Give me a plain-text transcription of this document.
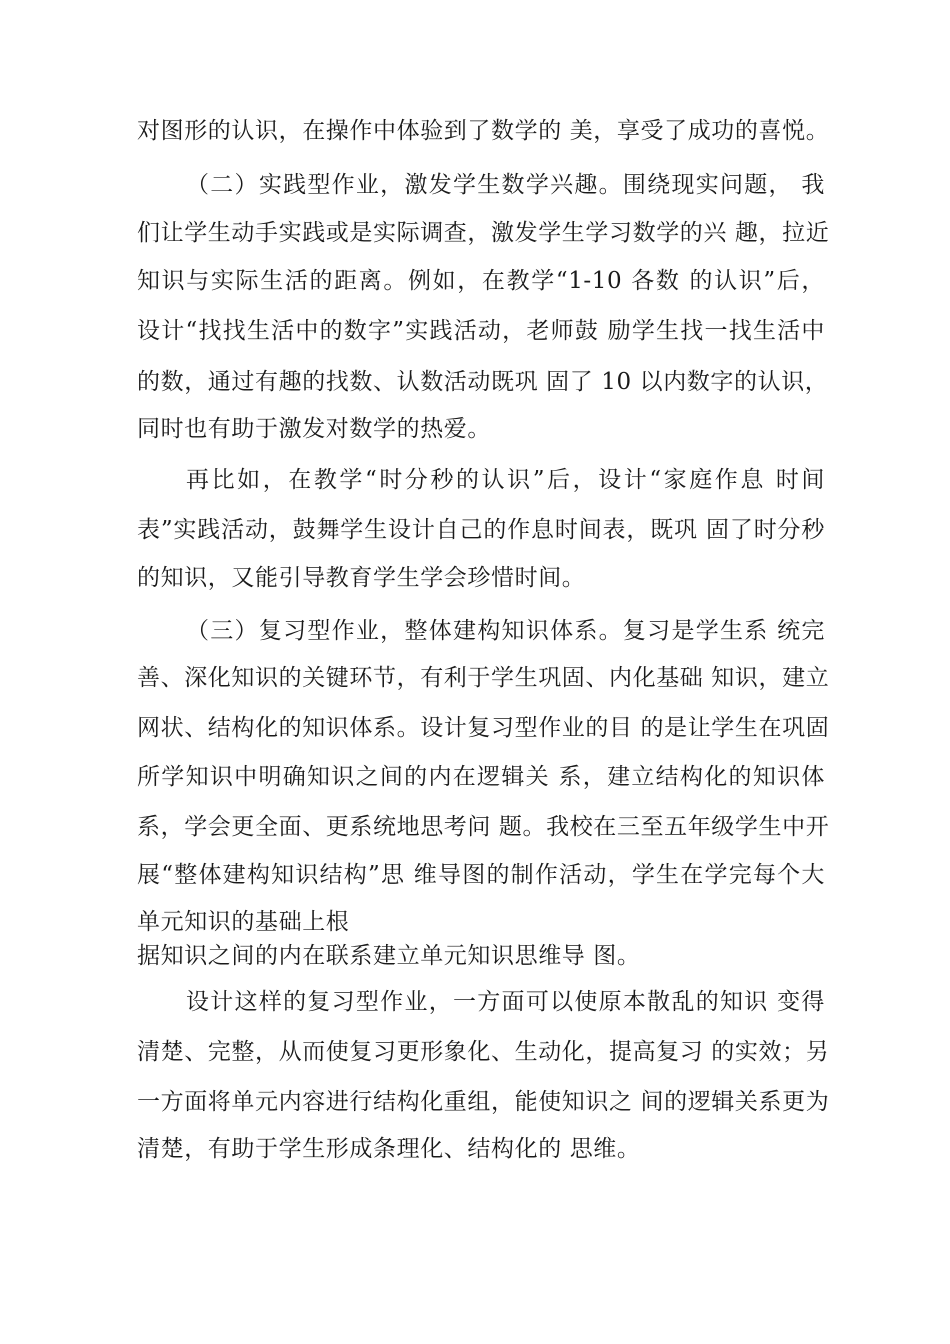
对图形的认识，在操作中体验到了数学的 美，享受了成功的喜悦。

（二）实践型作业，激发学生数学兴趣。围绕现实问题， 我

们让学生动手实践或是实际调查，激发学生学习数学的兴 趣，拉近

知识与实际生活的距离。例如，在教学“1-10 各数 的认识”后，

设计“找找生活中的数字”实践活动，老师鼓 励学生找一找生活中

的数，通过有趣的找数、认数活动既巩 固了 10 以内数字的认识，

同时也有助于激发对数学的热爱。

再比如，在教学“时分秒的认识”后，设计“家庭作息 时间

表”实践活动，鼓舞学生设计自己的作息时间表，既巩 固了时分秒

的知识，又能引导教育学生学会珍惜时间。

（三）复习型作业，整体建构知识体系。复习是学生系 统完

善、深化知识的关键环节，有利于学生巩固、内化基础 知识，建立

网状、结构化的知识体系。设计复习型作业的目 的是让学生在巩固

所学知识中明确知识之间的内在逻辑关 系，建立结构化的知识体

系，学会更全面、更系统地思考问 题。我校在三至五年级学生中开

展“整体建构知识结构”思 维导图的制作活动，学生在学完每个大

单元知识的基础上根

据知识之间的内在联系建立单元知识思维导 图。

设计这样的复习型作业，一方面可以使原本散乱的知识 变得

清楚、完整，从而使复习更形象化、生动化，提高复习 的实效；另

一方面将单元内容进行结构化重组，能使知识之 间的逻辑关系更为

清楚，有助于学生形成条理化、结构化的 思维。
